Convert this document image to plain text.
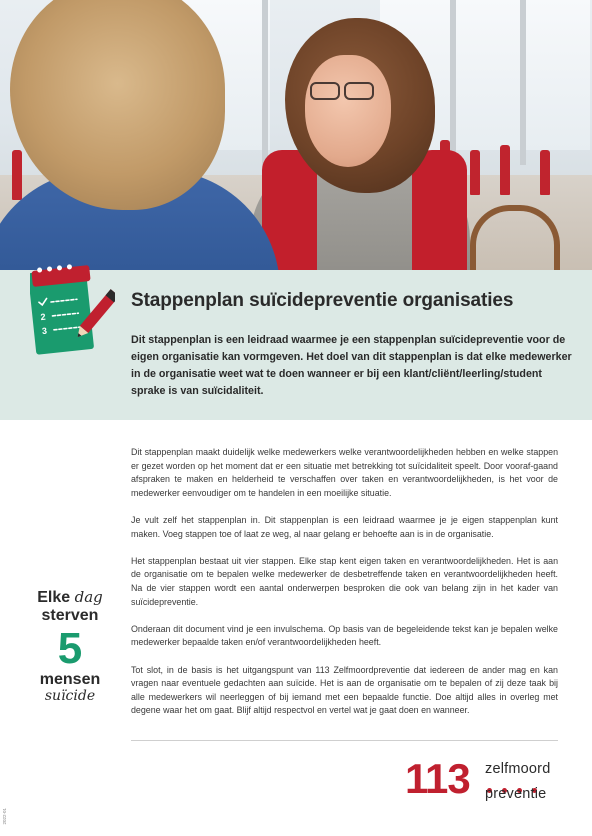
2
3
Stappenplan suïcidepreventie organisaties
Dit stappenplan is een leidraad waarmee je een stappenplan suïcidepreventie voor de eigen organisatie kan vormgeven. Het doel van dit stappenplan is dat elke medewerker in de organisatie weet wat te doen wanneer er bij een klant/cliënt/leerling/student sprake is van suïcidaliteit.

Dit stappenplan maakt duidelijk welke medewerkers welke verantwoordelijkheden hebben en welke stappen er gezet worden op het moment dat er een situatie met betrekking tot suïcidaliteit speelt. Door vooraf-gaand afspraken te maken en helderheid te verschaffen over taken en verantwoordelijkheden, is het voor de medewerker eenvoudiger om te handelen in een moeilijke situatie.

Je vult zelf het stappenplan in. Dit stappenplan is een leidraad waarmee je je eigen stappenplan kunt maken. Voeg stappen toe of laat ze weg, al naar gelang er behoefte aan is in de organisatie.

Het stappenplan bestaat uit vier stappen. Elke stap kent eigen taken en verantwoordelijkheden. Het is aan de organisatie om te bepalen welke medewerker de desbetreffende taken en verantwoordelijkheden heeft. Na de vier stappen wordt een aantal onderwerpen besproken die ook van belang zijn in het kader van suïcidepreventie.

Onderaan dit document vind je een invulschema. Op basis van de begeleidende tekst kan je bepalen welke medewerker bepaalde taken en/of verantwoordelijkheden heeft.

Tot slot, in de basis is het uitgangspunt van 113 Zelfmoordpreventie dat iedereen de ander mag en kan vragen naar eventuele gedachten aan suïcide. Het is aan de organisatie om te bepalen of zij deze taak bij alle medewerkers wil neerleggen of bij iemand met een bepaalde functie. Doe altijd alles in overleg met degene waar het om gaat. Blijf altijd respectvol en vertel wat je gaat doen en wanneer.

Elke dag
sterven
5
mensen
suïcide
113 zelfmoord
preventie
2022-01
